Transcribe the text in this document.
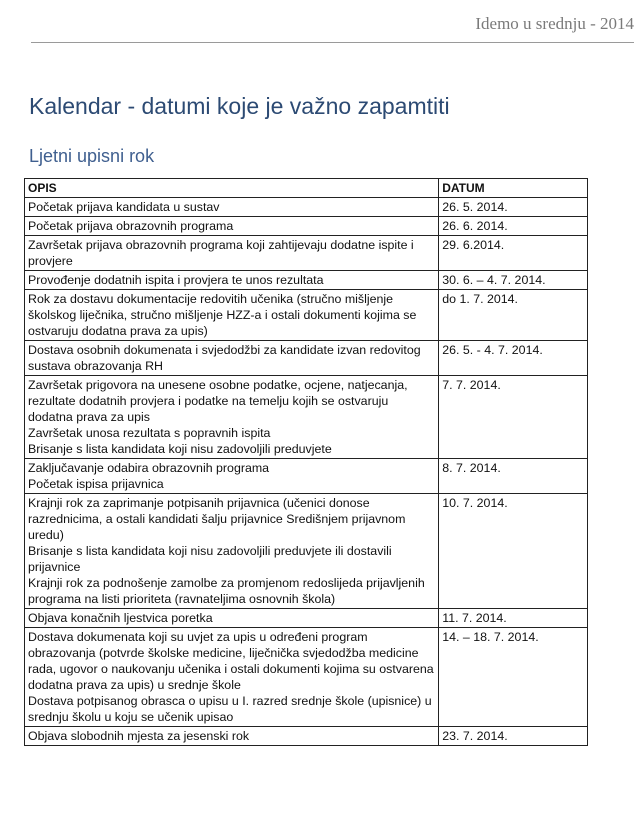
Idemo u srednju - 2014
Kalendar - datumi koje je važno zapamtiti
Ljetni upisni rok
OPIS	DATUM

Početak prijava kandidata u sustav	26. 5. 2014.

Početak prijava obrazovnih programa	26. 6. 2014.

Završetak prijava obrazovnih programa koji zahtijevaju dodatne ispite i provjere	29. 6.2014.

Provođenje dodatnih ispita i provjera te unos rezultata	30. 6. – 4. 7. 2014.

Rok za dostavu dokumentacije redovitih učenika (stručno mišljenje školskog liječnika, stručno mišljenje HZZ-a i ostali dokumenti kojima se ostvaruju dodatna prava za upis)	do 1. 7. 2014.

Dostava osobnih dokumenata i svjedodžbi za kandidate izvan redovitog sustava obrazovanja RH	26. 5. - 4. 7. 2014.

Završetak prigovora na unesene osobne podatke, ocjene, natjecanja, rezultate dodatnih provjera i podatke na temelju kojih se ostvaruju dodatna prava za upis
Završetak unosa rezultata s popravnih ispita
Brisanje s lista kandidata koji nisu zadovoljili preduvjete	7. 7. 2014.

Zaključavanje odabira obrazovnih programa
Početak ispisa prijavnica	8. 7. 2014.

Krajnji rok za zaprimanje potpisanih prijavnica (učenici donose razrednicima, a ostali kandidati šalju prijavnice Središnjem prijavnom uredu)
Brisanje s lista kandidata koji nisu zadovoljili preduvjete ili dostavili prijavnice
Krajnji rok za podnošenje zamolbe za promjenom redoslijeda prijavljenih programa na listi prioriteta (ravnateljima osnovnih škola)	10. 7. 2014.

Objava konačnih ljestvica poretka	11. 7. 2014.

Dostava dokumenata koji su uvjet za upis u određeni program obrazovanja (potvrde školske medicine, liječnička svjedodžba medicine rada, ugovor o naukovanju učenika i ostali dokumenti kojima su ostvarena dodatna prava za upis) u srednje škole
Dostava potpisanog obrasca o upisu u I. razred srednje škole (upisnice) u srednju školu u koju se učenik upisao	14. – 18. 7. 2014.

Objava slobodnih mjesta za jesenski rok	23. 7. 2014.
